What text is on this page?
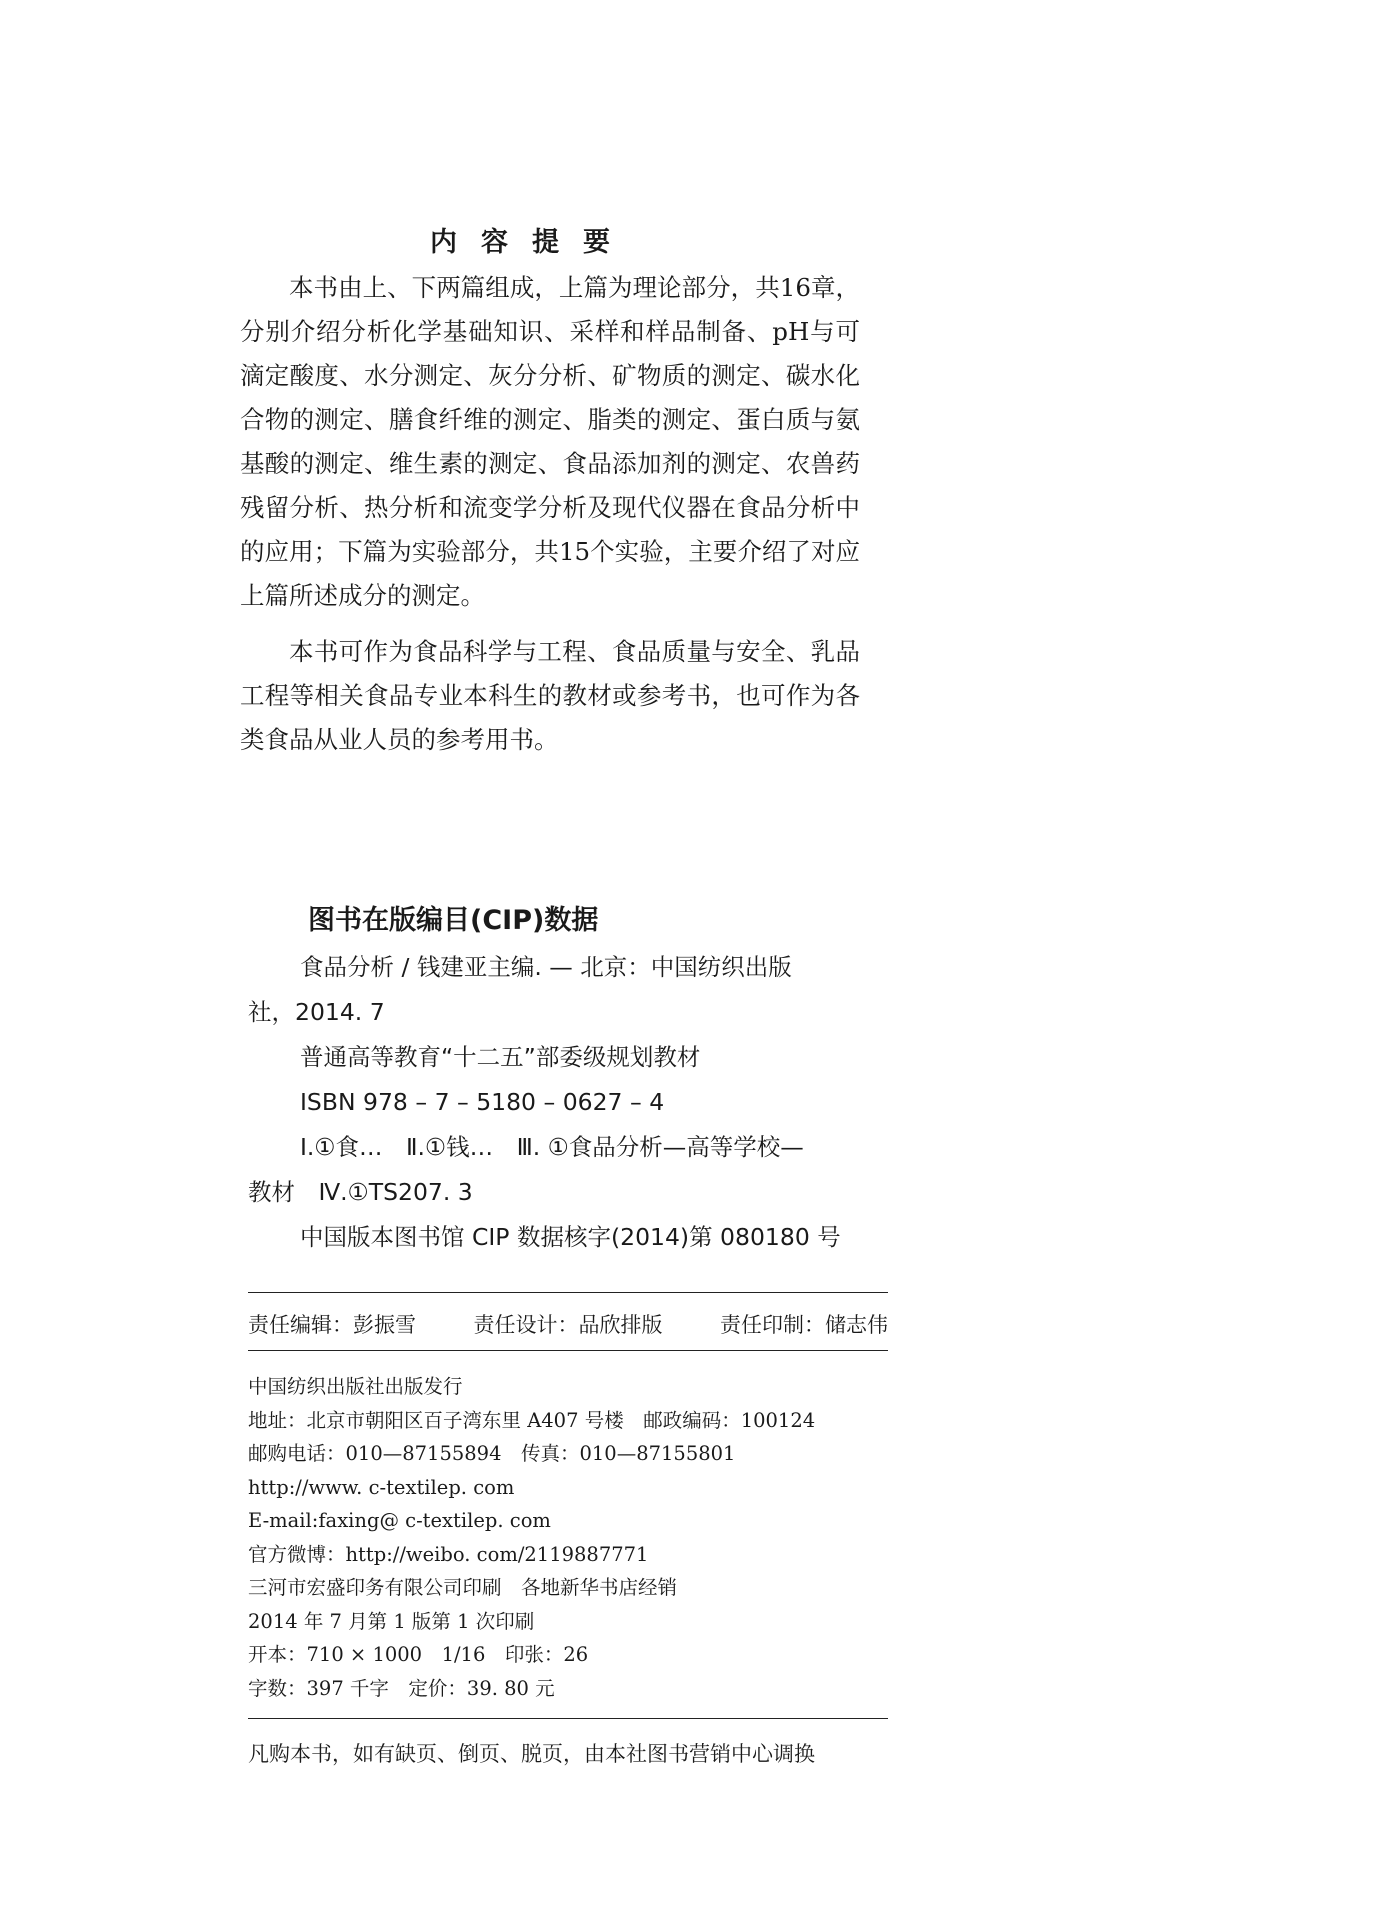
内容提要

本书由上、下两篇组成，上篇为理论部分，共16章，分别介绍分析化学基础知识、采样和样品制备、pH与可滴定酸度、水分测定、灰分分析、矿物质的测定、碳水化合物的测定、膳食纤维的测定、脂类的测定、蛋白质与氨基酸的测定、维生素的测定、食品添加剂的测定、农兽药残留分析、热分析和流变学分析及现代仪器在食品分析中的应用；下篇为实验部分，共15个实验，主要介绍了对应上篇所述成分的测定。

本书可作为食品科学与工程、食品质量与安全、乳品工程等相关食品专业本科生的教材或参考书，也可作为各类食品从业人员的参考用书。

图书在版编目(CIP)数据
食品分析 / 钱建亚主编. — 北京：中国纺织出版
社，2014. 7
普通高等教育“十二五”部委级规划教材
ISBN 978 – 7 – 5180 – 0627 – 4
Ⅰ.①食…　Ⅱ.①钱…　Ⅲ. ①食品分析—高等学校—
教材　Ⅳ.①TS207. 3
中国版本图书馆 CIP 数据核字(2014)第 080180 号
责任编辑：彭振雪	责任设计：品欣排版	责任印制：储志伟
中国纺织出版社出版发行
地址：北京市朝阳区百子湾东里 A407 号楼　邮政编码：100124
邮购电话：010—87155894　传真：010—87155801
http://www. c-textilep. com
E-mail:faxing@ c-textilep. com
官方微博：http://weibo. com/2119887771
三河市宏盛印务有限公司印刷　各地新华书店经销
2014 年 7 月第 1 版第 1 次印刷
开本：710 × 1000　1/16　印张：26
字数：397 千字　定价：39. 80 元
凡购本书，如有缺页、倒页、脱页，由本社图书营销中心调换
